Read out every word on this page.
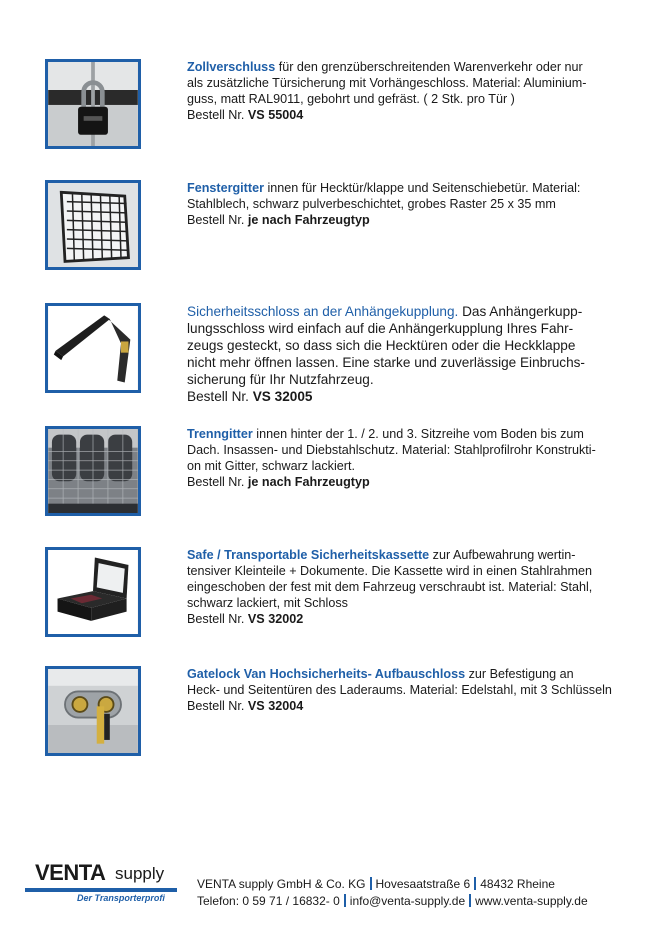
Zollverschluss für den grenzüberschreitenden Warenverkehr oder nur
als zusätzliche Türsicherung mit Vorhängeschloss. Material: Aluminium-
guss, matt RAL9011, gebohrt und gefräst. ( 2 Stk. pro Tür )
Bestell Nr. VS 55004
Fenstergitter innen für Hecktür/klappe und Seitenschiebetür. Material:
Stahlblech, schwarz pulverbeschichtet, grobes Raster 25 x 35 mm
Bestell Nr. je nach Fahrzeugtyp
Sicherheitsschloss an der Anhängekupplung. Das Anhängerkupp-
lungsschloss wird einfach auf die Anhängerkupplung Ihres Fahr-
zeugs gesteckt, so dass sich die Hecktüren oder die Heckklappe
nicht mehr öffnen lassen. Eine starke und zuverlässige Einbruchs-
sicherung für Ihr Nutzfahrzeug.
Bestell Nr. VS 32005
Trenngitter innen hinter der 1. / 2. und 3. Sitzreihe vom Boden bis zum
Dach. Insassen- und Diebstahlschutz. Material: Stahlprofilrohr Konstrukti-
on mit Gitter, schwarz lackiert.
Bestell Nr. je nach Fahrzeugtyp
Safe / Transportable Sicherheitskassette zur Aufbewahrung wertin-
tensiver Kleinteile + Dokumente. Die Kassette wird in einen Stahlrahmen
eingeschoben der fest mit dem Fahrzeug verschraubt ist. Material: Stahl,
schwarz lackiert, mit Schloss
Bestell Nr. VS 32002
Gatelock Van Hochsicherheits- Aufbauschloss zur Befestigung an
Heck- und Seitentüren des Laderaums. Material: Edelstahl, mit 3 Schlüsseln
Bestell Nr. VS 32004
VENTA supply
Der Transporterprofi
VENTA supply GmbH & Co. KG Hovesaatstraße 6 48432 Rheine
Telefon: 0 59 71 / 16832- 0 info@venta-supply.de www.venta-supply.de
